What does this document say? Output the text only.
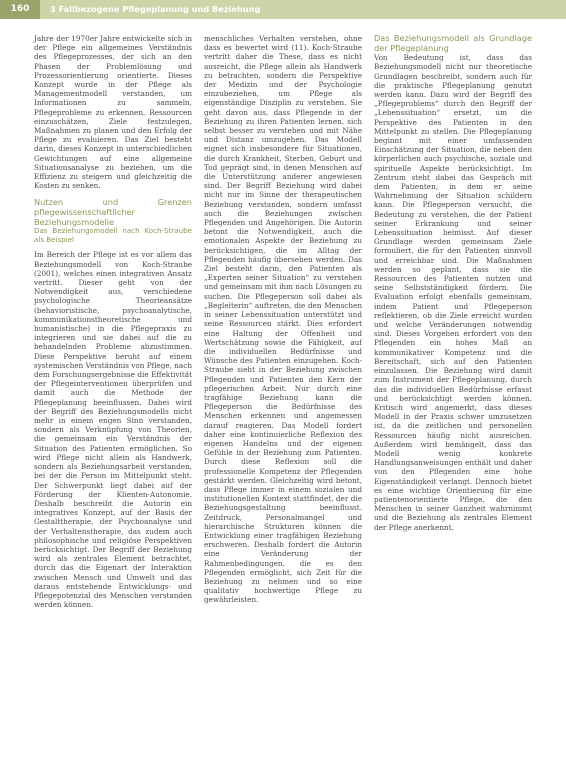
160	3 Fallbezogene Pflegeplanung und Beziehung

Jahre der 1970er Jahre entwickelte sich in der Pflege ein allgemeines Verständnis des Pflegeprozesses, der sich an den Phasen der Problemlösung und Prozessorientierung orientierte. Dieses Konzept wurde in der Pflege als Managementmodell verstanden, um Informationen zu sammeln, Pflegeprobleme zu erkennen, Ressourcen einzuschätzen, Ziele festzulegen, Maßnahmen zu planen und den Erfolg der Pflege zu evaluieren. Das Ziel besteht darin, dieses Konzept in unterschiedlichen Gewichtungen auf eine allgemeine Situationsanalyse zu beziehen, um die Effizienz zu steigern und gleichzeitig die Kosten zu senken.

Nutzen und Grenzen pflegewissenschaftlicher Beziehungsmodelle
Das Beziehungsmodell nach Koch-Straube als Beispiel

Im Bereich der Pflege ist es vor allem das Beziehungsmodell von Koch-Straube (2001), welches einen integrativen Ansatz vertritt. Dieser geht von der Notwendigkeit aus, verschiedene psychologische Theorieansätze (behavioristische, psychoanalytische, kommunikationstheoretische und humanistische) in die Pflegepraxis zu integrieren und sie dabei auf die zu behandelnden Probleme abzustimmen. Diese Perspektive beruht auf einem systemischen Verständnis von Pflege, nach dem Forschungsergebnisse die Effektivität der Pflegeinterventionen überprüfen und damit auch die Methode der Pflegeplanung beeinflussen. Dabei wird der Begriff des Beziehungsmodells nicht mehr in einem engen Sinn verstanden, sondern als Verknüpfung von Theorien, die gemeinsam ein Verständnis der Situation des Patienten ermöglichen. So wird Pflege nicht allein als Handwerk, sondern als Beziehungsarbeit verstanden, bei der die Person im Mittelpunkt steht. Der Schwerpunkt liegt dabei auf der Förderung der Klienten-Autonomie. Deshalb beschreibt die Autorin ein integratives Konzept, auf der Basis der Gestalttherapie, der Psychoanalyse und der Verhaltenstherapie, das zudem auch philosophische und religiöse Perspektiven berücksichtigt. Der Begriff der Beziehung wird als zentrales Element betrachtet, durch das die Eigenart der Interaktion zwischen Mensch und Umwelt und das daraus entstehende Entwicklungs- und Pflegepotenzial des Menschen verstanden werden können.

menschliches Verhalten verstehen, ohne dass es bewertet wird (11). Koch-Straube vertritt daher die These, dass es nicht ausreicht, die Pflege allein als Handwerk zu betrachten, sondern die Perspektive der Medizin und der Psychologie einzubeziehen, um Pflege als eigenständige Disziplin zu verstehen. Sie geht davon aus, dass Pflegende in der Beziehung zu ihren Patienten lernen, sich selbst besser zu verstehen und mit Nähe und Distanz umzugehen. Das Modell eignet sich insbesondere für Situationen, die durch Krankheit, Sterben, Geburt und Tod geprägt sind, in denen Menschen auf die Unterstützung anderer angewiesen sind. Der Begriff Beziehung wird dabei nicht nur im Sinne der therapeutischen Beziehung verstanden, sondern umfasst auch die Beziehungen zwischen Pflegenden und Angehörigen. Die Autorin betont die Notwendigkeit, auch die emotionalen Aspekte der Beziehung zu berücksichtigen, die im Alltag der Pflegenden häufig übersehen werden. Das Ziel besteht darin, den Patienten als „Experten seiner Situation“ zu verstehen und gemeinsam mit ihm nach Lösungen zu suchen. Die Pflegeperson soll dabei als „Begleiterin“ auftreten, die den Menschen in seiner Lebenssituation unterstützt und seine Ressourcen stärkt. Dies erfordert eine Haltung der Offenheit und Wertschätzung sowie die Fähigkeit, auf die individuellen Bedürfnisse und Wünsche des Patienten einzugehen. Koch-Straube sieht in der Beziehung zwischen Pflegenden und Patienten den Kern der pflegerischen Arbeit. Nur durch eine tragfähige Beziehung kann die Pflegeperson die Bedürfnisse des Menschen erkennen und angemessen darauf reagieren. Das Modell fordert daher eine kontinuierliche Reflexion des eigenen Handelns und der eigenen Gefühle in der Beziehung zum Patienten. Durch diese Reflexion soll die professionelle Kompetenz der Pflegenden gestärkt werden. Gleichzeitig wird betont, dass Pflege immer in einem sozialen und institutionellen Kontext stattfindet, der die Beziehungsgestaltung beeinflusst. Zeitdruck, Personalmangel und hierarchische Strukturen können die Entwicklung einer tragfähigen Beziehung erschweren. Deshalb fordert die Autorin eine Veränderung der Rahmenbedingungen, die es den Pflegenden ermöglicht, sich Zeit für die Beziehung zu nehmen und so eine qualitativ hochwertige Pflege zu gewährleisten.

Das Beziehungsmodell als Grundlage der Pflegeplanung

Von Bedeutung ist, dass das Beziehungsmodell nicht nur theoretische Grundlagen beschreibt, sondern auch für die praktische Pflegeplanung genutzt werden kann. Dazu wird der Begriff des „Pflegeproblems“ durch den Begriff der „Lebenssituation“ ersetzt, um die Perspektive des Patienten in den Mittelpunkt zu stellen. Die Pflegeplanung beginnt mit einer umfassenden Einschätzung der Situation, die neben den körperlichen auch psychische, soziale und spirituelle Aspekte berücksichtigt. Im Zentrum steht dabei das Gespräch mit dem Patienten, in dem er seine Wahrnehmung der Situation schildern kann. Die Pflegeperson versucht, die Bedeutung zu verstehen, die der Patient seiner Erkrankung und seiner Lebenssituation beimisst. Auf dieser Grundlage werden gemeinsam Ziele formuliert, die für den Patienten sinnvoll und erreichbar sind. Die Maßnahmen werden so geplant, dass sie die Ressourcen des Patienten nutzen und seine Selbstständigkeit fördern. Die Evaluation erfolgt ebenfalls gemeinsam, indem Patient und Pflegeperson reflektieren, ob die Ziele erreicht wurden und welche Veränderungen notwendig sind. Dieses Vorgehen erfordert von den Pflegenden ein hohes Maß an kommunikativer Kompetenz und die Bereitschaft, sich auf den Patienten einzulassen. Die Beziehung wird damit zum Instrument der Pflegeplanung, durch das die individuellen Bedürfnisse erfasst und berücksichtigt werden können. Kritisch wird angemerkt, dass dieses Modell in der Praxis schwer umzusetzen ist, da die zeitlichen und personellen Ressourcen häufig nicht ausreichen. Außerdem wird bemängelt, dass das Modell wenig konkrete Handlungsanweisungen enthält und daher von den Pflegenden eine hohe Eigenständigkeit verlangt. Dennoch bietet es eine wichtige Orientierung für eine patientenorientierte Pflege, die den Menschen in seiner Ganzheit wahrnimmt und die Beziehung als zentrales Element der Pflege anerkennt.
